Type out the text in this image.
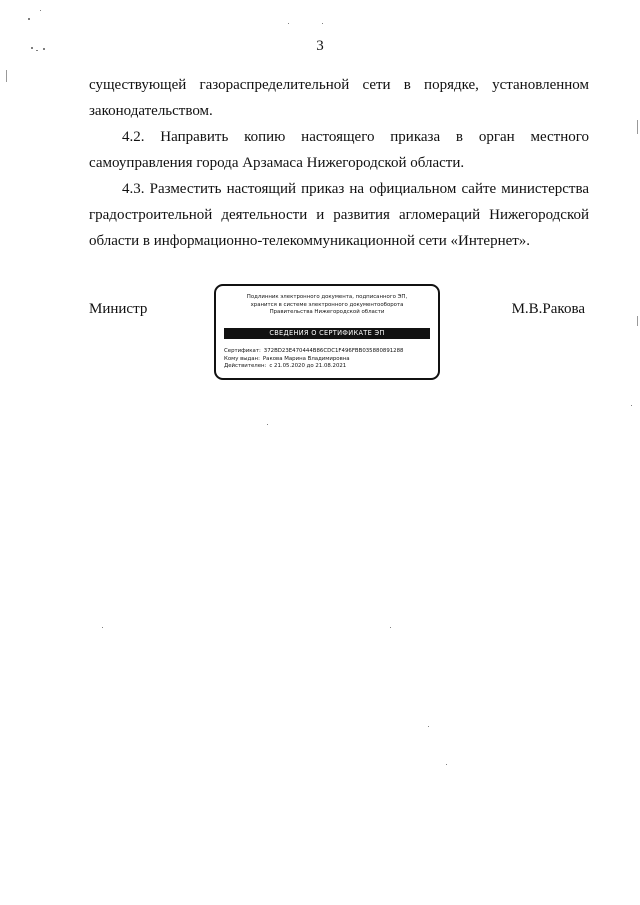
3

существующей газораспределительной сети в порядке, установленном законодательством.

4.2. Направить копию настоящего приказа в орган местного самоуправления города Арзамаса Нижегородской области.

4.3. Разместить настоящий приказ на официальном сайте министерства градостроительной деятельности и развития агломераций Нижегородской области в информационно-телекоммуникационной сети «Интернет».

Министр
Подлинник электронного документа, подписанного ЭП,
хранится в системе электронного документооборота
Правительства Нижегородской области
СВЕДЕНИЯ О СЕРТИФИКАТЕ ЭП
Сертификат: 372BD23E470444B86CDC1F496FBB035880891288
Кому выдан: Ракова Марина Владимировна
Действителен: с 21.05.2020 до 21.08.2021
М.В.Ракова
